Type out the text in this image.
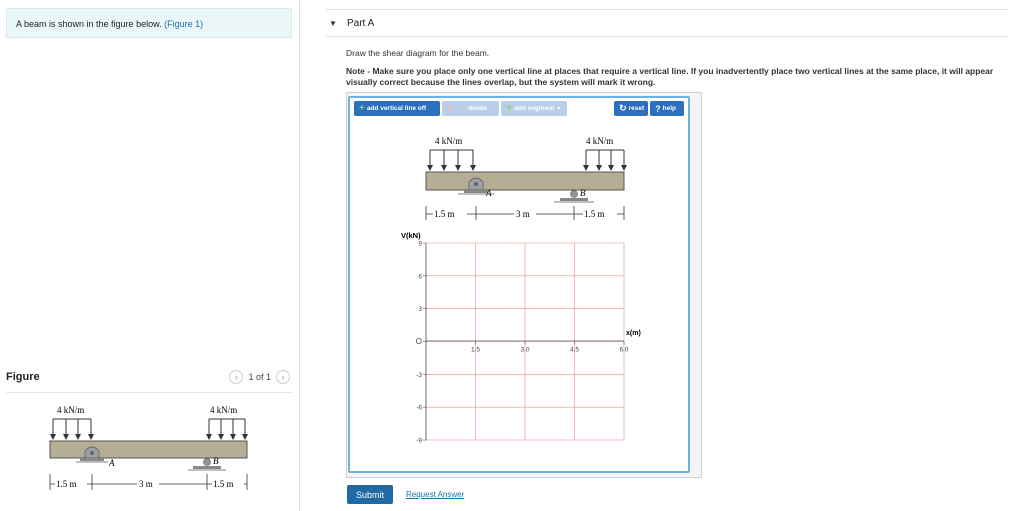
A beam is shown in the figure below. (Figure 1)
Figure	‹	1 of 1	›
4 kN/m	4 kN/m
A	B
1.5 m	3 m	1.5 m
▼ Part A
Draw the shear diagram for the beam.
Note - Make sure you place only one vertical line at places that require a vertical line. If you inadvertently place two vertical lines at the same place, it will appear visually correct because the lines overlap, but the system will mark it wrong.
+ add vertical line off ✕ delete + add segment ▼	↻ reset ? help
4 kN/m	4 kN/m
A	B
1.5 m	3 m	1.5 m
V(kN)
9
6
3
O
-3
-6
-9
1.5	3.0	4.5	6.0
x(m)
Submit	Request Answer
